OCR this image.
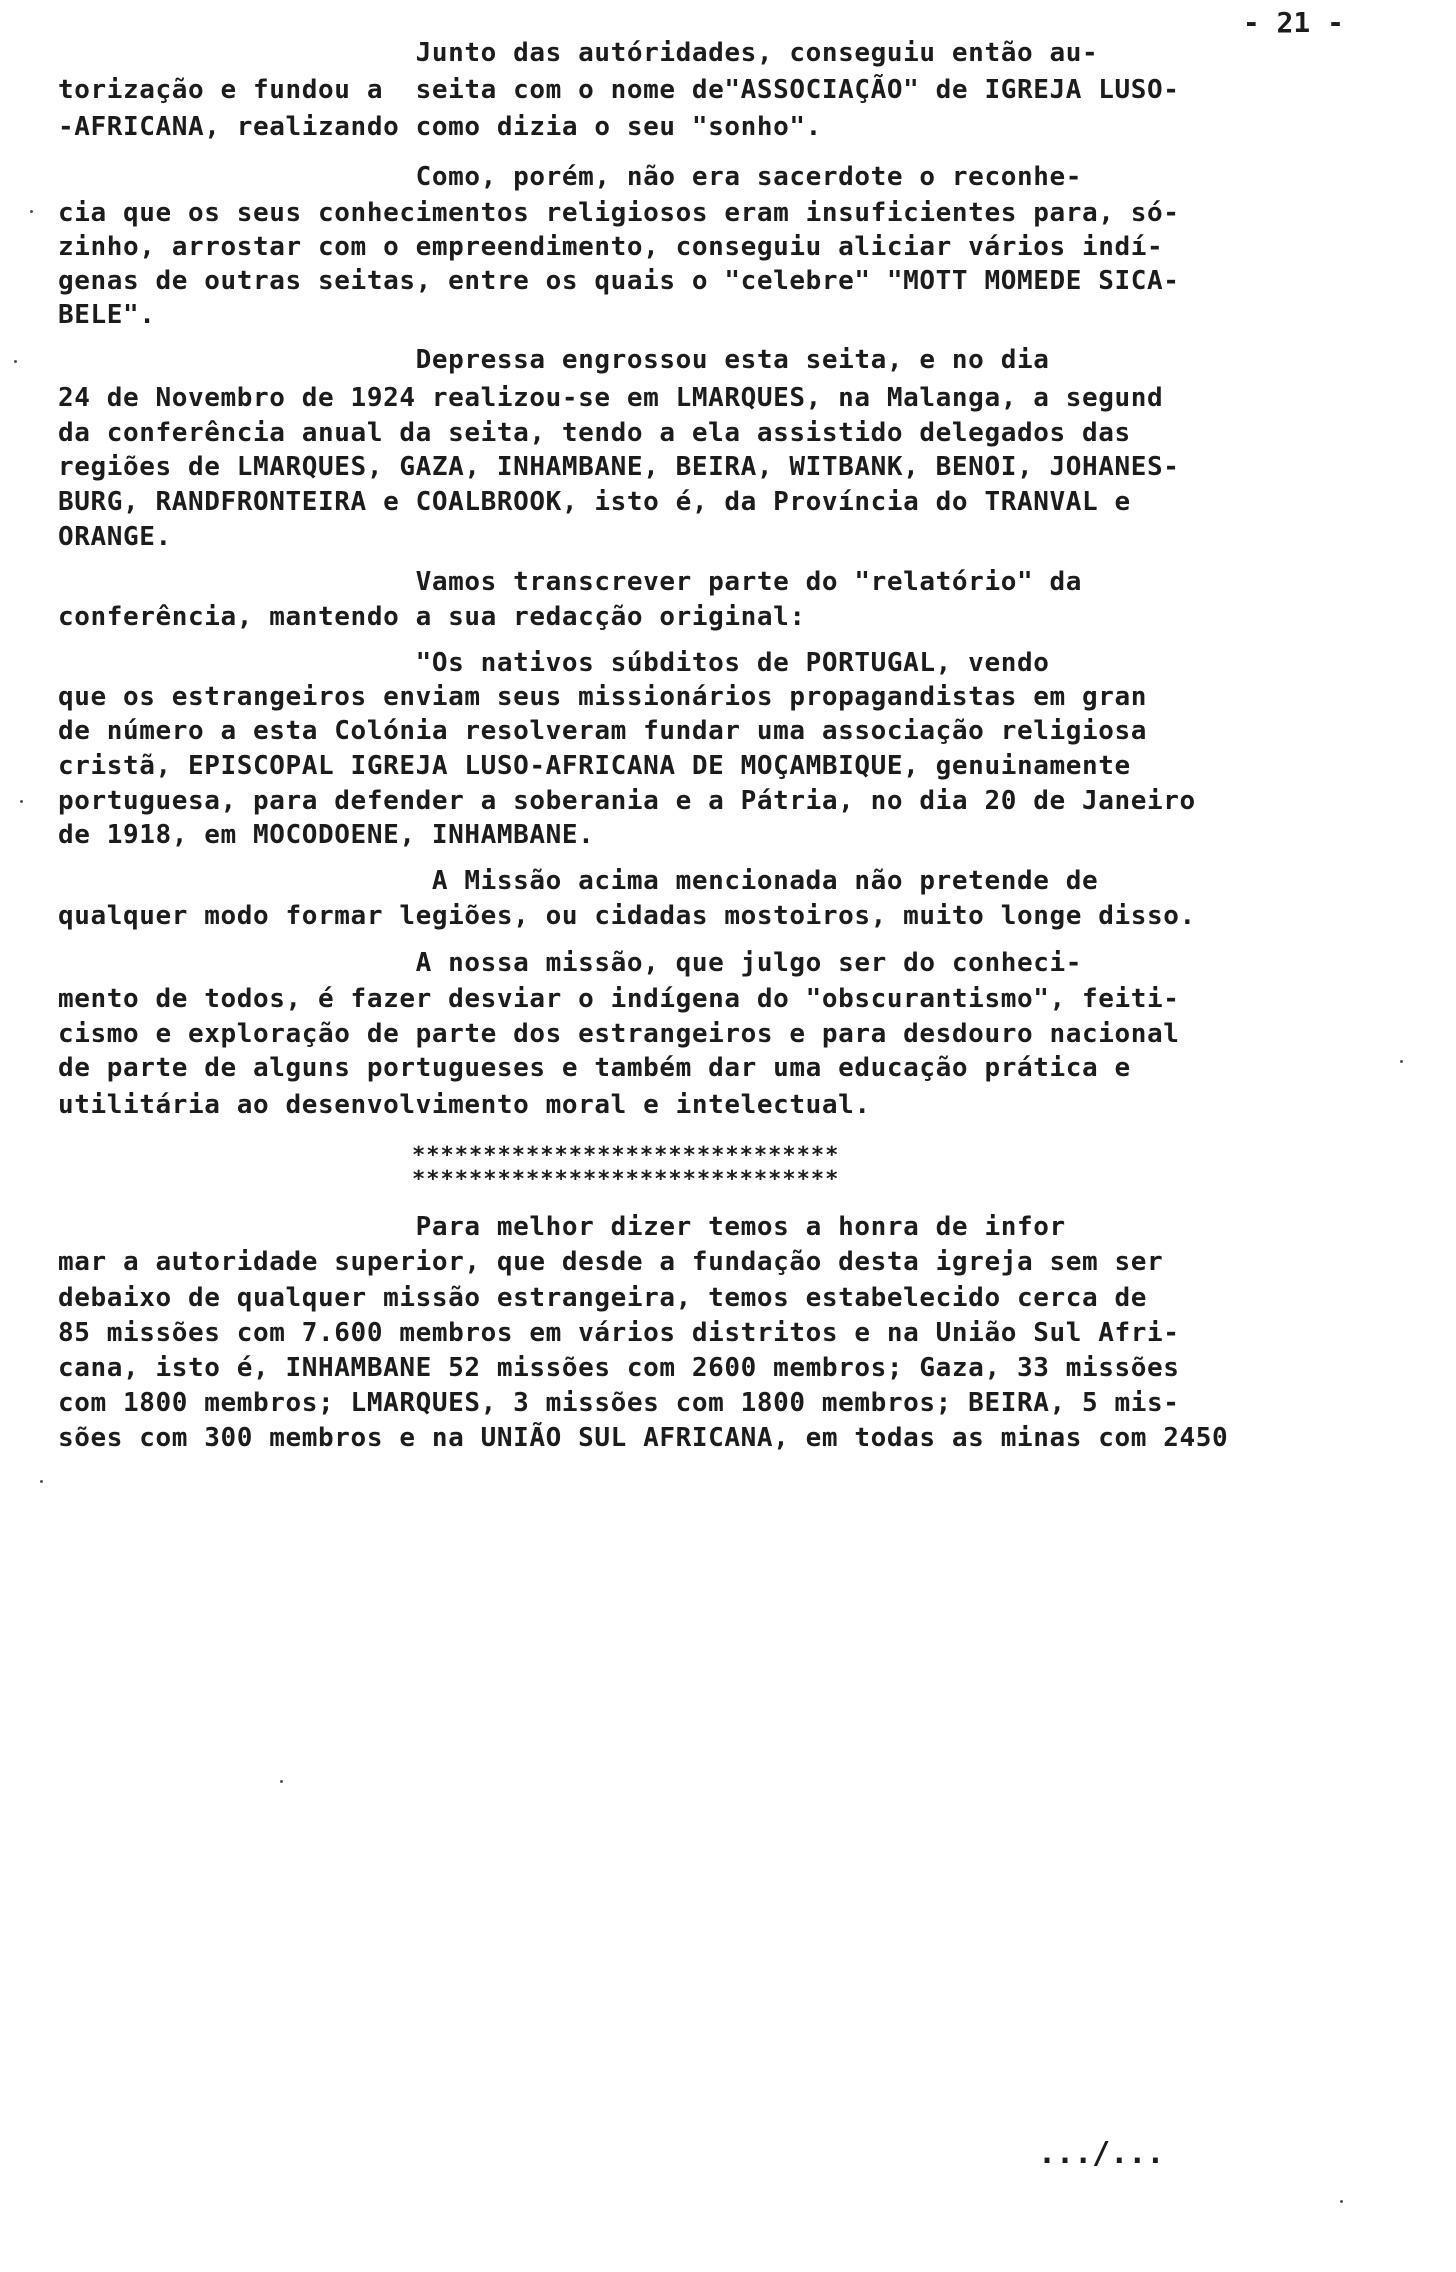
- 21 -
Junto das autóridades, conseguiu então au-
torização e fundou a  seita com o nome de"ASSOCIAÇÃO" de IGREJA LUSO-
-AFRICANA, realizando como dizia o seu "sonho".
Como, porém, não era sacerdote o reconhe-
cia que os seus conhecimentos religiosos eram insuficientes para, só-
zinho, arrostar com o empreendimento, conseguiu aliciar vários indí-
genas de outras seitas, entre os quais o "celebre" "MOTT MOMEDE SICA-
BELE".
Depressa engrossou esta seita, e no dia
24 de Novembro de 1924 realizou-se em LMARQUES, na Malanga, a segund
da conferência anual da seita, tendo a ela assistido delegados das
regiões de LMARQUES, GAZA, INHAMBANE, BEIRA, WITBANK, BENOI, JOHANES-
BURG, RANDFRONTEIRA e COALBROOK, isto é, da Província do TRANVAL e
ORANGE.
Vamos transcrever parte do "relatório" da
conferência, mantendo a sua redacção original:
"Os nativos súbditos de PORTUGAL, vendo
que os estrangeiros enviam seus missionários propagandistas em gran
de número a esta Colónia resolveram fundar uma associação religiosa
cristã, EPISCOPAL IGREJA LUSO-AFRICANA DE MOÇAMBIQUE, genuinamente
portuguesa, para defender a soberania e a Pátria, no dia 20 de Janeiro
de 1918, em MOCODOENE, INHAMBANE.
A Missão acima mencionada não pretende de
qualquer modo formar legiões, ou cidadas mostoiros, muito longe disso.
A nossa missão, que julgo ser do conheci-
mento de todos, é fazer desviar o indígena do "obscurantismo", feiti-
cismo e exploração de parte dos estrangeiros e para desdouro nacional
de parte de alguns portugueses e também dar uma educação prática e
utilitária ao desenvolvimento moral e intelectual.
******************************
******************************
Para melhor dizer temos a honra de infor
mar a autoridade superior, que desde a fundação desta igreja sem ser
debaixo de qualquer missão estrangeira, temos estabelecido cerca de
85 missões com 7.600 membros em vários distritos e na União Sul Afri-
cana, isto é, INHAMBANE 52 missões com 2600 membros; Gaza, 33 missões
com 1800 membros; LMARQUES, 3 missões com 1800 membros; BEIRA, 5 mis-
sões com 300 membros e na UNIÃO SUL AFRICANA, em todas as minas com 2450
.../...
